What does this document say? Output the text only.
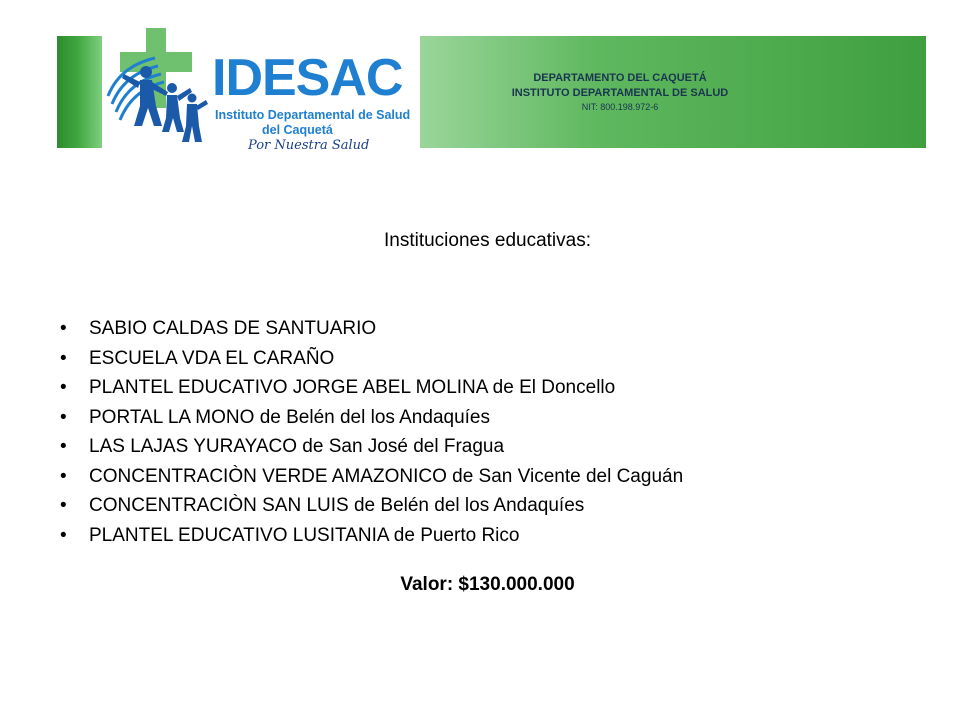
IDESAC
Instituto Departamental de Salud
del Caquetá
Por Nuestra Salud
DEPARTAMENTO DEL CAQUETÁ
INSTITUTO DEPARTAMENTAL DE SALUD
NIT: 800.198.972-6
Instituciones educativas:
• SABIO CALDAS DE SANTUARIO
• ESCUELA VDA EL CARAÑO
• PLANTEL EDUCATIVO JORGE ABEL MOLINA de El Doncello
• PORTAL LA MONO de Belén del los Andaquíes
• LAS LAJAS YURAYACO de San José del Fragua
• CONCENTRACIÒN VERDE AMAZONICO de San Vicente del Caguán
• CONCENTRACIÒN SAN LUIS de Belén del los Andaquíes
• PLANTEL EDUCATIVO LUSITANIA de Puerto Rico
Valor: $130.000.000
